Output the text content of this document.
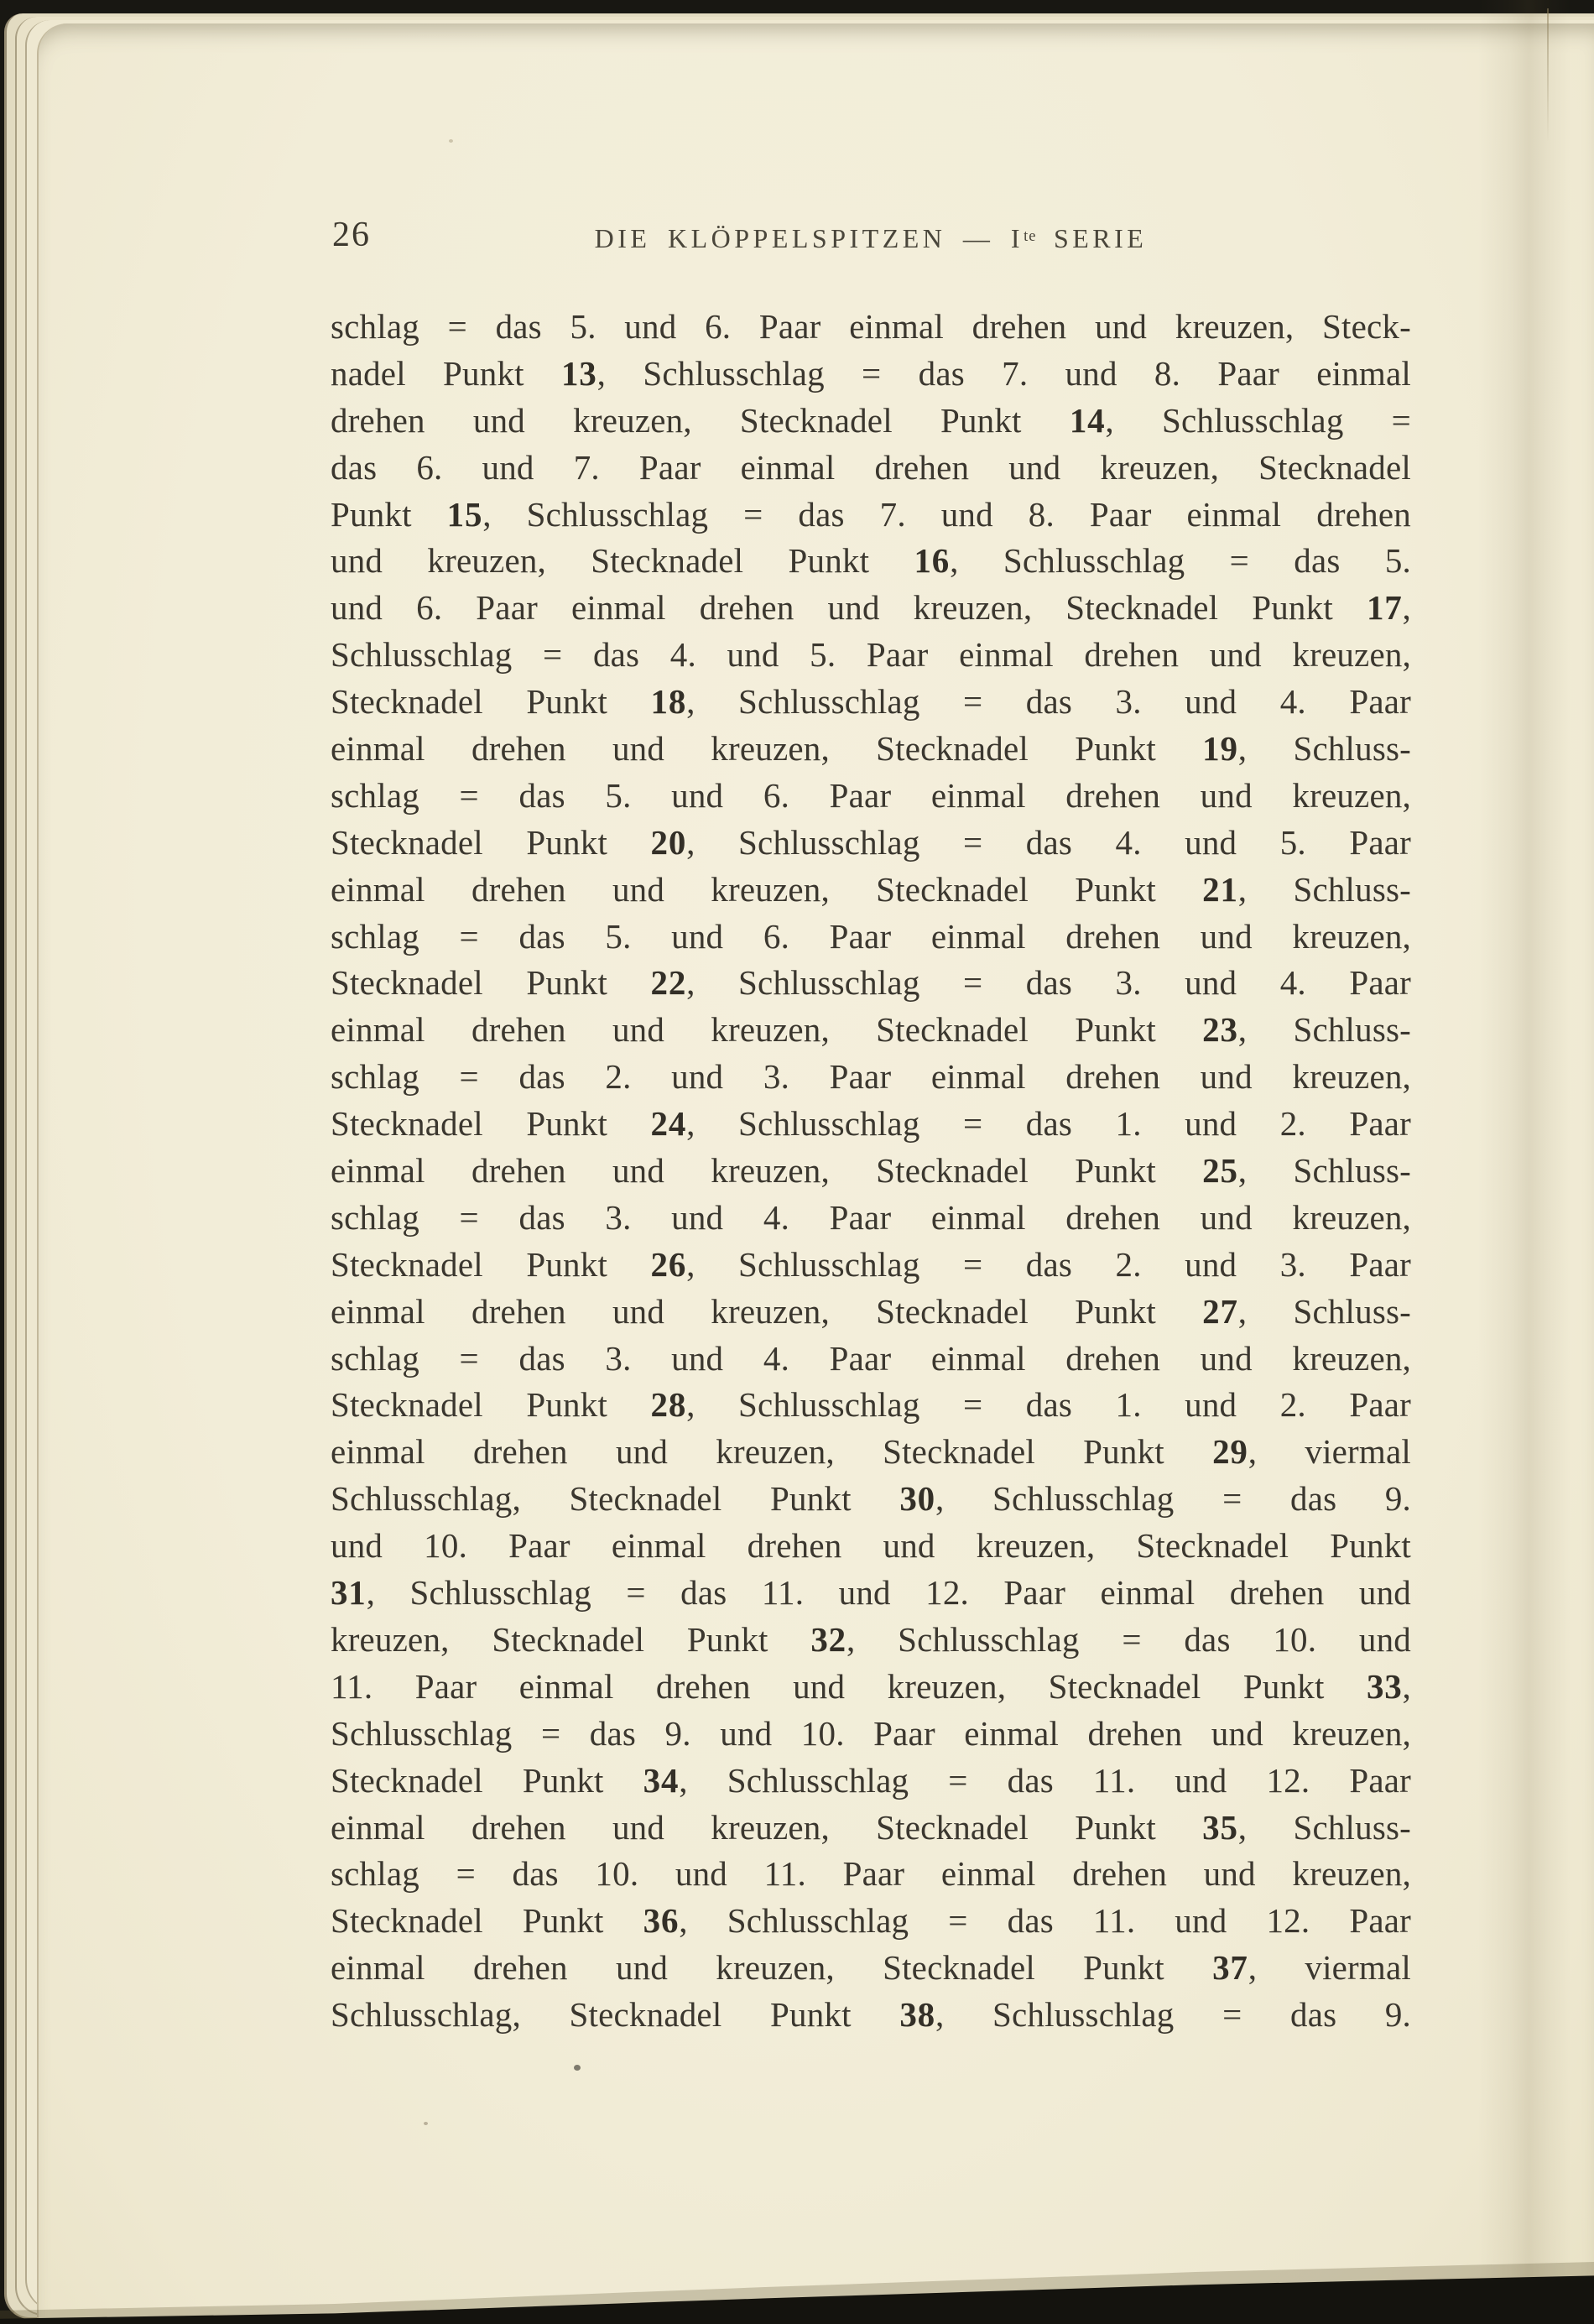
26	DIE KLÖPPELSPITZEN — $I^{te}$ SERIE
schlag = das 5. und 6. Paar einmal drehen und kreuzen, Steck-
nadel Punkt 13, Schlusschlag = das 7. und 8. Paar einmal
drehen und kreuzen, Stecknadel Punkt 14, Schlusschlag =
das 6. und 7. Paar einmal drehen und kreuzen, Stecknadel
Punkt 15, Schlusschlag = das 7. und 8. Paar einmal drehen
und kreuzen, Stecknadel Punkt 16, Schlusschlag = das 5.
und 6. Paar einmal drehen und kreuzen, Stecknadel Punkt 17,
Schlusschlag = das 4. und 5. Paar einmal drehen und kreuzen,
Stecknadel Punkt 18, Schlusschlag = das 3. und 4. Paar
einmal drehen und kreuzen, Stecknadel Punkt 19, Schluss-
schlag = das 5. und 6. Paar einmal drehen und kreuzen,
Stecknadel Punkt 20, Schlusschlag = das 4. und 5. Paar
einmal drehen und kreuzen, Stecknadel Punkt 21, Schluss-
schlag = das 5. und 6. Paar einmal drehen und kreuzen,
Stecknadel Punkt 22, Schlusschlag = das 3. und 4. Paar
einmal drehen und kreuzen, Stecknadel Punkt 23, Schluss-
schlag = das 2. und 3. Paar einmal drehen und kreuzen,
Stecknadel Punkt 24, Schlusschlag = das 1. und 2. Paar
einmal drehen und kreuzen, Stecknadel Punkt 25, Schluss-
schlag = das 3. und 4. Paar einmal drehen und kreuzen,
Stecknadel Punkt 26, Schlusschlag = das 2. und 3. Paar
einmal drehen und kreuzen, Stecknadel Punkt 27, Schluss-
schlag = das 3. und 4. Paar einmal drehen und kreuzen,
Stecknadel Punkt 28, Schlusschlag = das 1. und 2. Paar
einmal drehen und kreuzen, Stecknadel Punkt 29, viermal
Schlusschlag, Stecknadel Punkt 30, Schlusschlag = das 9.
und 10. Paar einmal drehen und kreuzen, Stecknadel Punkt
31, Schlusschlag = das 11. und 12. Paar einmal drehen und
kreuzen, Stecknadel Punkt 32, Schlusschlag = das 10. und
11. Paar einmal drehen und kreuzen, Stecknadel Punkt 33,
Schlusschlag = das 9. und 10. Paar einmal drehen und kreuzen,
Stecknadel Punkt 34, Schlusschlag = das 11. und 12. Paar
einmal drehen und kreuzen, Stecknadel Punkt 35, Schluss-
schlag = das 10. und 11. Paar einmal drehen und kreuzen,
Stecknadel Punkt 36, Schlusschlag = das 11. und 12. Paar
einmal drehen und kreuzen, Stecknadel Punkt 37, viermal
Schlusschlag, Stecknadel Punkt 38, Schlusschlag = das 9.
